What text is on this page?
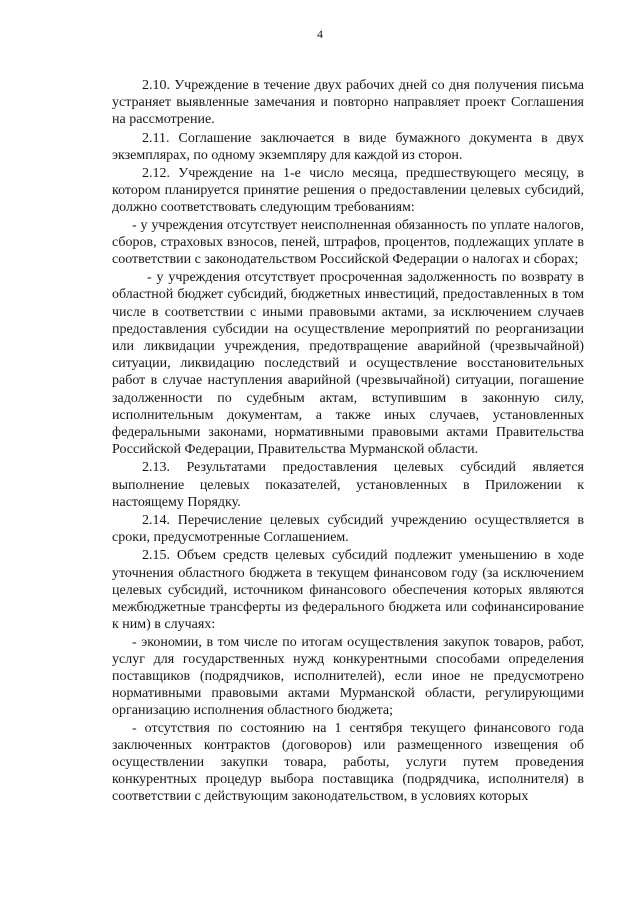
4

2.10. Учреждение в течение двух рабочих дней со дня получения письма устраняет выявленные замечания и повторно направляет проект Соглашения на рассмотрение.

2.11. Соглашение заключается в виде бумажного документа в двух экземплярах, по одному экземпляру для каждой из сторон.

2.12. Учреждение на 1-е число месяца, предшествующего месяцу, в котором планируется принятие решения о предоставлении целевых субсидий, должно соответствовать следующим требованиям:

- у учреждения отсутствует неисполненная обязанность по уплате налогов, сборов, страховых взносов, пеней, штрафов, процентов, подлежащих уплате в соответствии с законодательством Российской Федерации о налогах и сборах;

- у учреждения отсутствует просроченная задолженность по возврату в областной бюджет субсидий, бюджетных инвестиций, предоставленных в том числе в соответствии с иными правовыми актами, за исключением случаев предоставления субсидии на осуществление мероприятий по реорганизации или ликвидации учреждения, предотвращение аварийной (чрезвычайной) ситуации, ликвидацию последствий и осуществление восстановительных работ в случае наступления аварийной (чрезвычайной) ситуации, погашение задолженности по судебным актам, вступившим в законную силу, исполнительным документам, а также иных случаев, установленных федеральными законами, нормативными правовыми актами Правительства Российской Федерации, Правительства Мурманской области.

2.13. Результатами предоставления целевых субсидий является выполнение целевых показателей, установленных в Приложении к настоящему Порядку.

2.14. Перечисление целевых субсидий учреждению осуществляется в сроки, предусмотренные Соглашением.

2.15. Объем средств целевых субсидий подлежит уменьшению в ходе уточнения областного бюджета в текущем финансовом году (за исключением целевых субсидий, источником финансового обеспечения которых являются межбюджетные трансферты из федерального бюджета или софинансирование к ним) в случаях:

- экономии, в том числе по итогам осуществления закупок товаров, работ, услуг для государственных нужд конкурентными способами определения поставщиков (подрядчиков, исполнителей), если иное не предусмотрено нормативными правовыми актами Мурманской области, регулирующими организацию исполнения областного бюджета;

- отсутствия по состоянию на 1 сентября текущего финансового года заключенных контрактов (договоров) или размещенного извещения об осуществлении закупки товара, работы, услуги путем проведения конкурентных процедур выбора поставщика (подрядчика, исполнителя) в соответствии с действующим законодательством, в условиях которых
